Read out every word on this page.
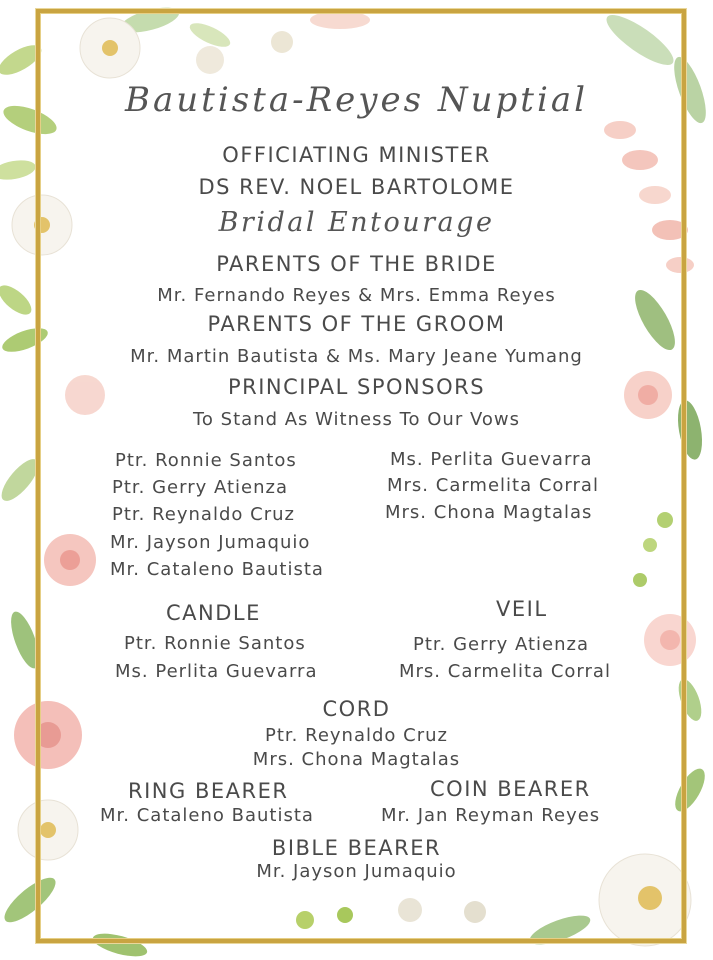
Bautista-Reyes Nuptial
OFFICIATING MINISTER
DS REV. NOEL BARTOLOME
Bridal Entourage
PARENTS OF THE BRIDE
Mr. Fernando Reyes & Mrs. Emma Reyes
PARENTS OF THE GROOM
Mr. Martin Bautista & Ms. Mary Jeane Yumang
PRINCIPAL SPONSORS
To Stand As Witness To Our Vows
Ptr. Ronnie Santos
Ptr. Gerry Atienza
Ptr. Reynaldo Cruz
Mr. Jayson Jumaquio
Mr. Cataleno Bautista
Ms. Perlita Guevarra
Mrs. Carmelita Corral
Mrs. Chona Magtalas
CANDLE
Ptr. Ronnie Santos
Ms. Perlita Guevarra
VEIL
Ptr. Gerry Atienza
Mrs. Carmelita Corral
CORD
Ptr. Reynaldo Cruz
Mrs. Chona Magtalas
RING BEARER
Mr. Cataleno Bautista
COIN BEARER
Mr. Jan Reyman Reyes
BIBLE BEARER
Mr. Jayson Jumaquio
